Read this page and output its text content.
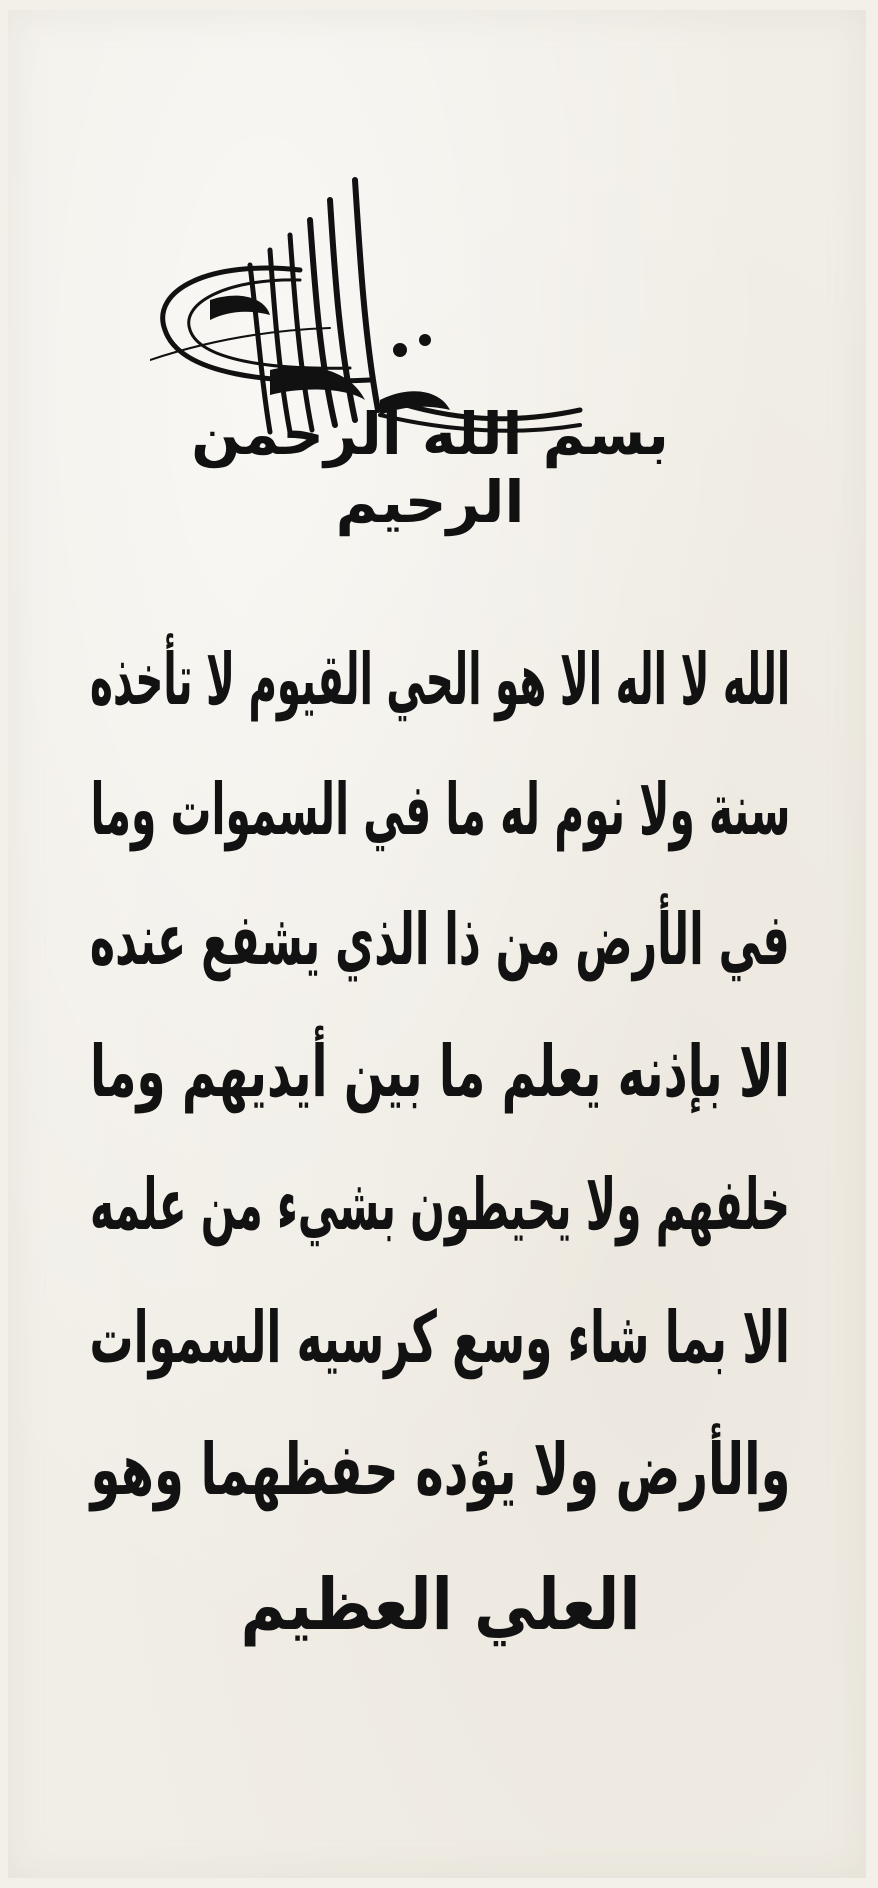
بسم الله الرحمن الرحيم
الله لا اله الا هو الحي القيوم لا تأخذه
سنة ولا نوم له ما في السموات وما
في الأرض من ذا الذي يشفع عنده
الا بإذنه يعلم ما بين أيديهم وما
خلفهم ولا يحيطون بشيء من علمه
الا بما شاء وسع كرسيه السموات
والأرض ولا يؤده حفظهما وهو
العلي العظيم
